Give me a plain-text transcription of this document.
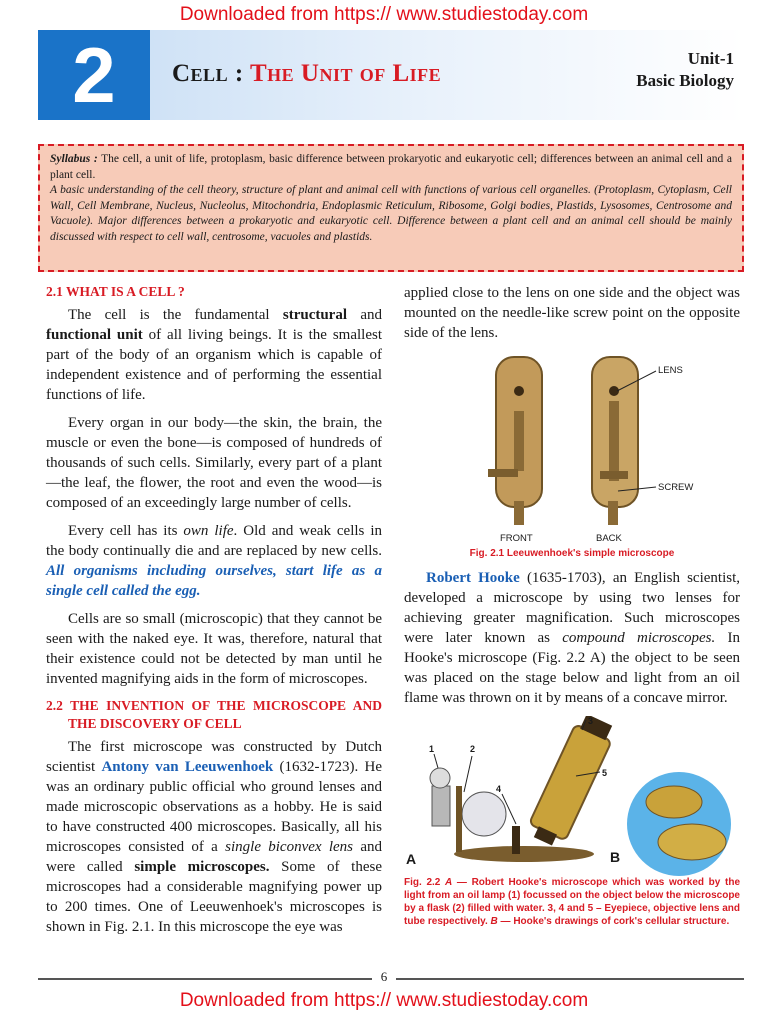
Downloaded from https:// www.studiestoday.com
2	Cell : The Unit of Life
Unit-1
Basic Biology
Syllabus : The cell, a unit of life, protoplasm, basic difference between prokaryotic and eukaryotic cell; differences between an animal cell and a plant cell.
A basic understanding of the cell theory, structure of plant and animal cell with functions of various cell organelles. (Protoplasm, Cytoplasm, Cell Wall, Cell Membrane, Nucleus, Nucleolus, Mitochondria, Endoplasmic Reticulum, Ribosome, Golgi bodies, Plastids, Lysosomes, Centrosome and Vacuole). Major differences between a prokaryotic and eukaryotic cell. Difference between a plant cell and an animal cell should be mainly discussed with respect to cell wall, centrosome, vacuoles and plastids.
2.1 WHAT IS A CELL ?

The cell is the fundamental structural and functional unit of all living beings. It is the smallest part of the body of an organism which is capable of independent existence and of performing the essential functions of life.

Every organ in our body—the skin, the brain, the muscle or even the bone—is composed of hundreds of thousands of such cells. Similarly, every part of a plant—the leaf, the flower, the root and even the wood—is composed of an exceedingly large number of cells.

Every cell has its own life. Old and weak cells in the body continually die and are replaced by new cells. All organisms including ourselves, start life as a single cell called the egg.

Cells are so small (microscopic) that they cannot be seen with the naked eye. It was, therefore, natural that their existence could not be detected by man until he invented magnifying aids in the form of microscopes.

2.2 THE INVENTION OF THE MICROSCOPE AND THE DISCOVERY OF CELL

The first microscope was constructed by Dutch scientist Antony van Leeuwenhoek (1632-1723). He was an ordinary public official who ground lenses and made microscopic observations as a hobby. He is said to have constructed 400 microscopes. Basically, all his microscopes consisted of a single biconvex lens and were called simple microscopes. Some of these microscopes had a considerable magnifying power up to 200 times. One of Leeuwenhoek's microscopes is shown in Fig. 2.1. In this microscope the eye was

applied close to the lens on one side and the object was mounted on the needle-like screw point on the opposite side of the lens.

LENS
SCREW
FRONT	BACK
Fig. 2.1 Leeuwenhoek's simple microscope

Robert Hooke (1635-1703), an English scientist, developed a microscope by using two lenses for achieving greater magnification. Such microscopes were later known as compound microscopes. In Hooke's microscope (Fig. 2.2 A) the object to be seen was placed on the stage below and light from an oil flame was thrown on it by means of a concave mirror.

1	2
3
4
5
A	B
Fig. 2.2 A — Robert Hooke's microscope which was worked by the light from an oil lamp (1) focussed on the object below the microscope by a flask (2) filled with water. 3, 4 and 5 – Eyepiece, objective lens and tube respectively. B — Hooke's drawings of cork's cellular structure.
6
Downloaded from https:// www.studiestoday.com
